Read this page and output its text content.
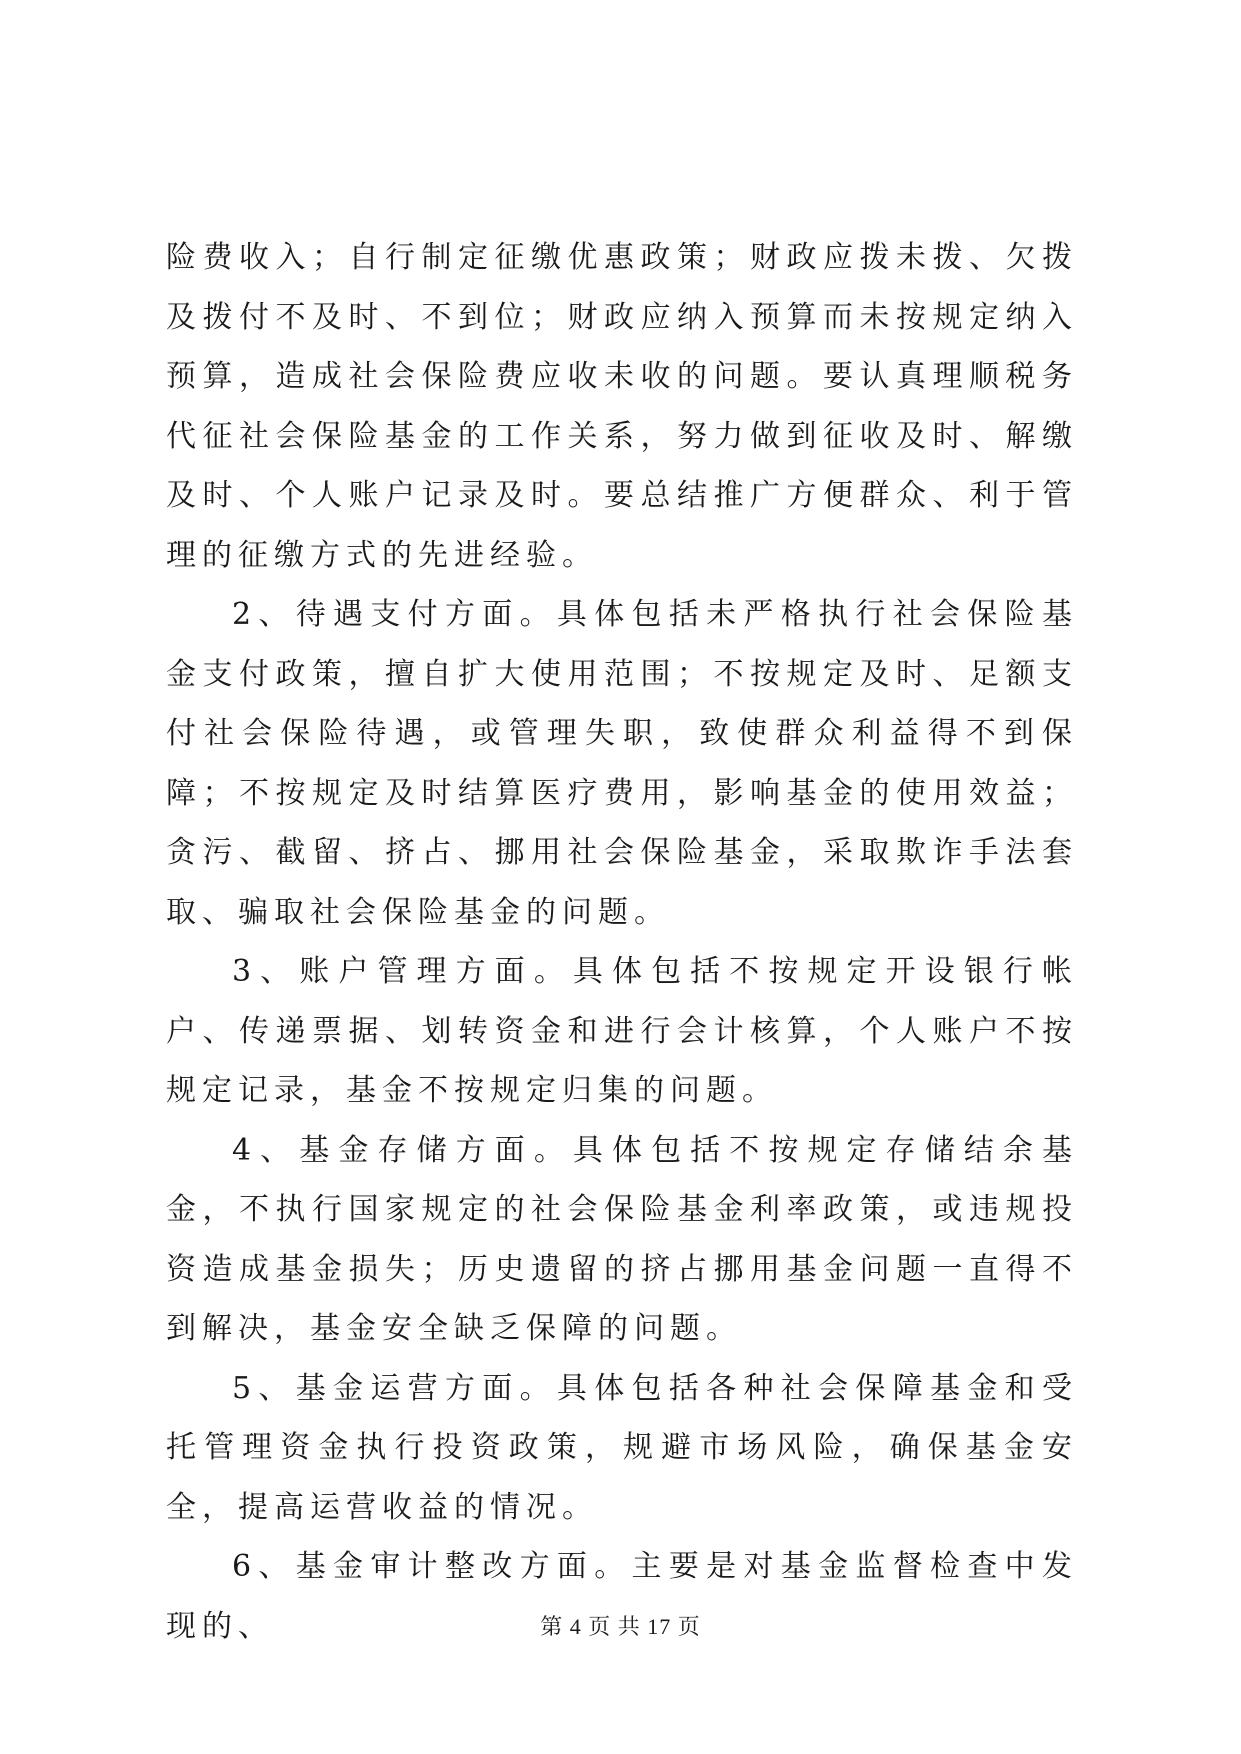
险费收入；自行制定征缴优惠政策；财政应拨未拨、欠拨及拨付不及时、不到位；财政应纳入预算而未按规定纳入预算，造成社会保险费应收未收的问题。要认真理顺税务代征社会保险基金的工作关系，努力做到征收及时、解缴及时、个人账户记录及时。要总结推广方便群众、利于管理的征缴方式的先进经验。

2、待遇支付方面。具体包括未严格执行社会保险基金支付政策，擅自扩大使用范围；不按规定及时、足额支付社会保险待遇，或管理失职，致使群众利益得不到保障；不按规定及时结算医疗费用，影响基金的使用效益；贪污、截留、挤占、挪用社会保险基金，采取欺诈手法套取、骗取社会保险基金的问题。

3、账户管理方面。具体包括不按规定开设银行帐户、传递票据、划转资金和进行会计核算，个人账户不按规定记录，基金不按规定归集的问题。

4、基金存储方面。具体包括不按规定存储结余基金，不执行国家规定的社会保险基金利率政策，或违规投资造成基金损失；历史遗留的挤占挪用基金问题一直得不到解决，基金安全缺乏保障的问题。

5、基金运营方面。具体包括各种社会保障基金和受托管理资金执行投资政策，规避市场风险，确保基金安全，提高运营收益的情况。

6、基金审计整改方面。主要是对基金监督检查中发现的、	第 4 页 共 17 页
